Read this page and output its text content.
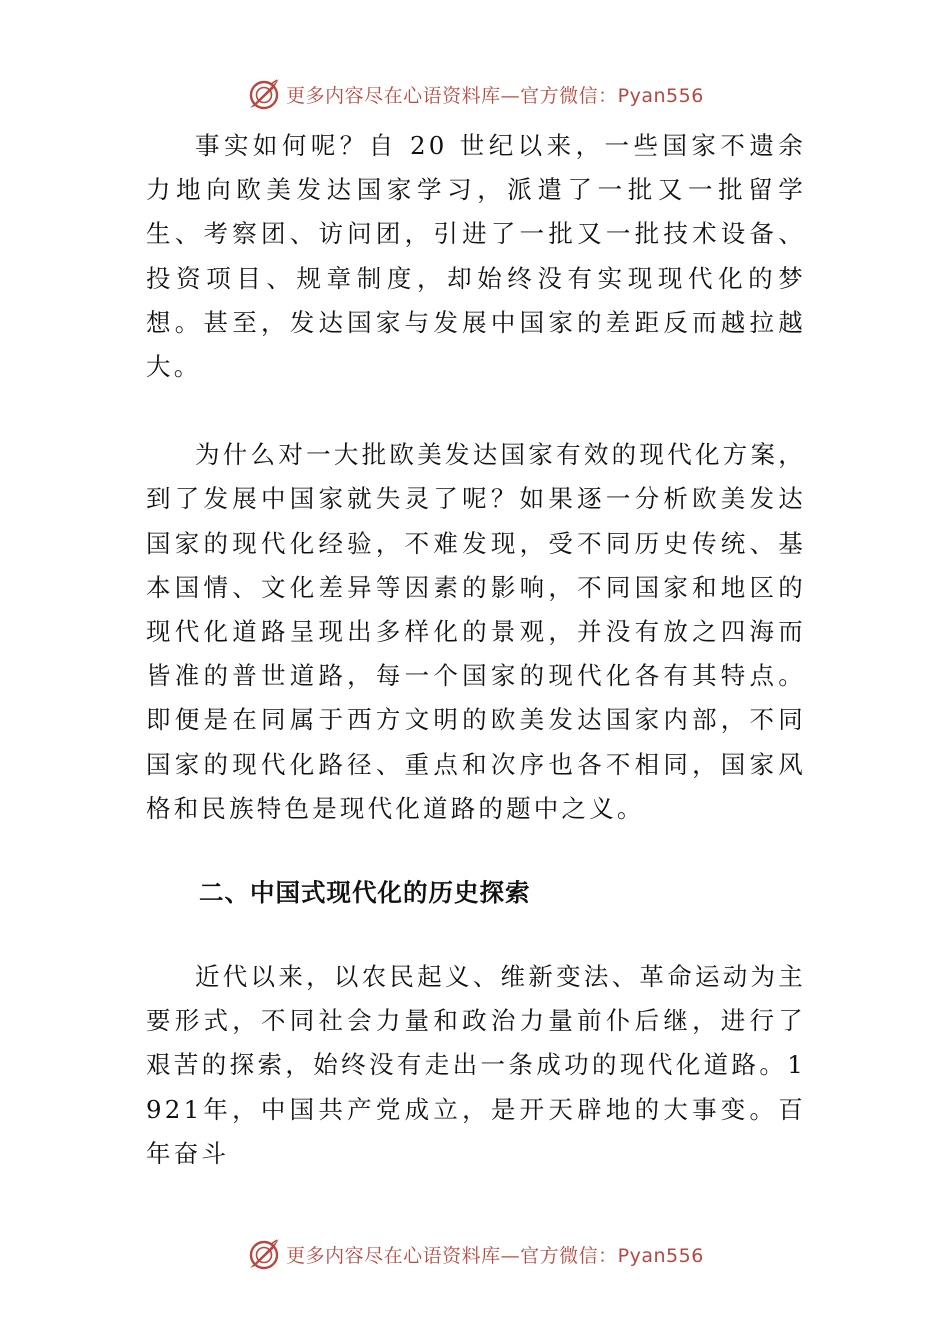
更多内容尽在心语资料库—官方微信：Pyan556

事实如何呢？自 20 世纪以来，一些国家不遗余力地向欧美发达国家学习，派遣了一批又一批留学生、考察团、访问团，引进了一批又一批技术设备、投资项目、规章制度，却始终没有实现现代化的梦想。甚至，发达国家与发展中国家的差距反而越拉越大。

为什么对一大批欧美发达国家有效的现代化方案，到了发展中国家就失灵了呢？如果逐一分析欧美发达国家的现代化经验，不难发现，受不同历史传统、基本国情、文化差异等因素的影响，不同国家和地区的现代化道路呈现出多样化的景观，并没有放之四海而皆准的普世道路，每一个国家的现代化各有其特点。即便是在同属于西方文明的欧美发达国家内部，不同国家的现代化路径、重点和次序也各不相同，国家风格和民族特色是现代化道路的题中之义。

二、中国式现代化的历史探索

近代以来，以农民起义、维新变法、革命运动为主要形式，不同社会力量和政治力量前仆后继，进行了艰苦的探索，始终没有走出一条成功的现代化道路。1921年，中国共产党成立，是开天辟地的大事变。百年奋斗

更多内容尽在心语资料库—官方微信：Pyan556
